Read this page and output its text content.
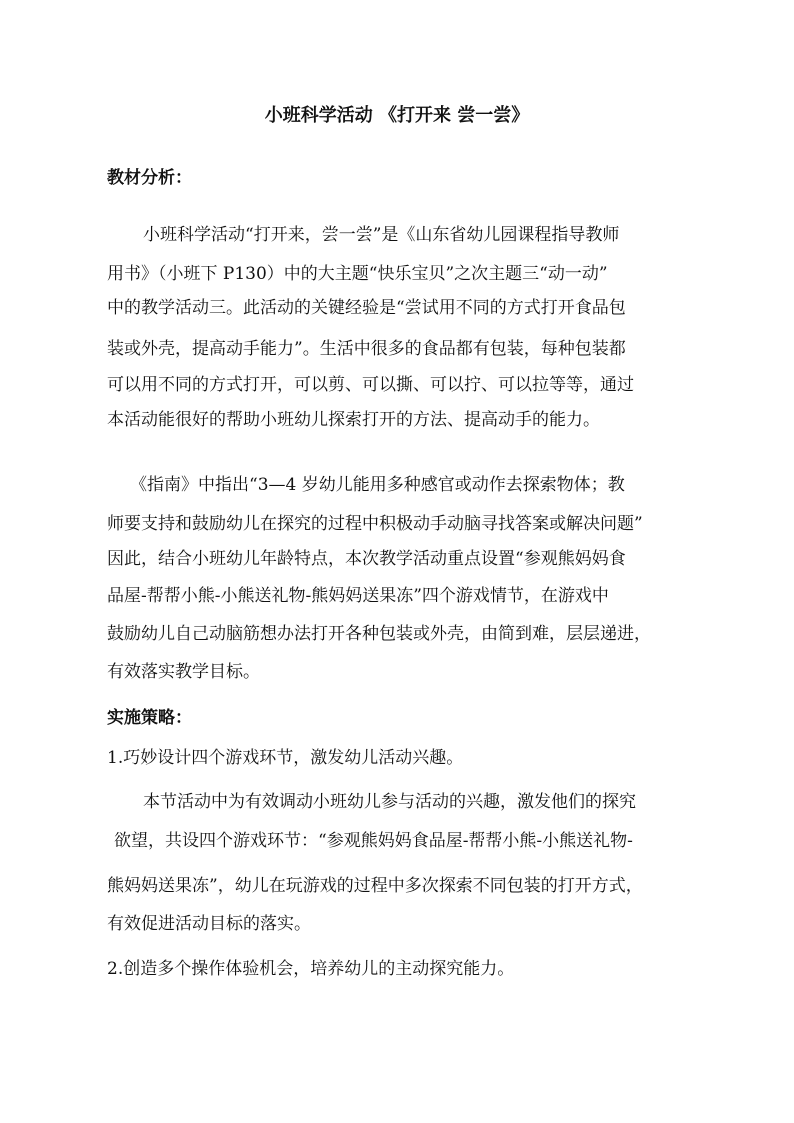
小班科学活动 《打开来 尝一尝》
教材分析：
小班科学活动“打开来，尝一尝”是《山东省幼儿园课程指导教师
用书》（小班下 P130）中的大主题“快乐宝贝”之次主题三“动一动”
中的教学活动三。此活动的关键经验是“尝试用不同的方式打开食品包
装或外壳，提高动手能力”。生活中很多的食品都有包装，每种包装都
可以用不同的方式打开，可以剪、可以撕、可以拧、可以拉等等，通过
本活动能很好的帮助小班幼儿探索打开的方法、提高动手的能力。
《指南》中指出“3—4 岁幼儿能用多种感官或动作去探索物体；教
师要支持和鼓励幼儿在探究的过程中积极动手动脑寻找答案或解决问题”
因此，结合小班幼儿年龄特点，本次教学活动重点设置“参观熊妈妈食
品屋-帮帮小熊-小熊送礼物-熊妈妈送果冻”四个游戏情节，在游戏中
鼓励幼儿自己动脑筋想办法打开各种包装或外壳，由简到难，层层递进，
有效落实教学目标。
实施策略：
1.巧妙设计四个游戏环节，激发幼儿活动兴趣。
本节活动中为有效调动小班幼儿参与活动的兴趣，激发他们的探究
欲望，共设四个游戏环节：“参观熊妈妈食品屋-帮帮小熊-小熊送礼物-
熊妈妈送果冻”，幼儿在玩游戏的过程中多次探索不同包装的打开方式，
有效促进活动目标的落实。
2.创造多个操作体验机会，培养幼儿的主动探究能力。
